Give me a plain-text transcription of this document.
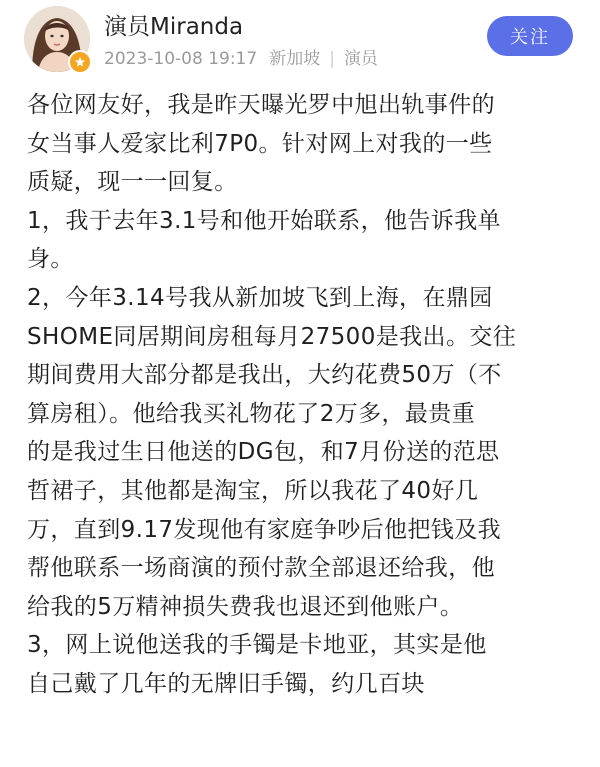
演员Miranda
2023-10-08 19:17 新加坡 | 演员
关注
各位网友好，我是昨天曝光罗中旭出轨事件的
女当事人爱家比利7P0。针对网上对我的一些
质疑，现一一回复。
1，我于去年3.1号和他开始联系，他告诉我单
身。
2，今年3.14号我从新加坡飞到上海，在鼎园
SHOME同居期间房租每月27500是我出。交往
期间费用大部分都是我出，大约花费50万（不
算房租）。他给我买礼物花了2万多，最贵重
的是我过生日他送的DG包，和7月份送的范思
哲裙子，其他都是淘宝，所以我花了40好几
万，直到9.17发现他有家庭争吵后他把钱及我
帮他联系一场商演的预付款全部退还给我，他
给我的5万精神损失费我也退还到他账户。
3，网上说他送我的手镯是卡地亚，其实是他
自己戴了几年的无牌旧手镯，约几百块
